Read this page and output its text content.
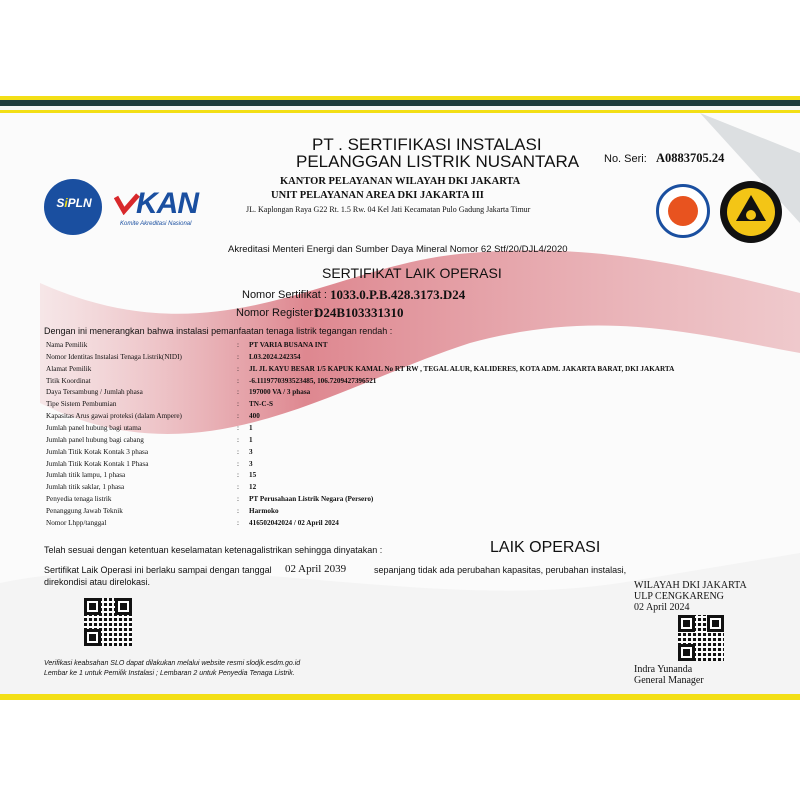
PT . SERTIFIKASI INSTALASI
PELANGGAN LISTRIK NUSANTARA No. Seri: A0883705.24
KANTOR PELAYANAN WILAYAH DKI JAKARTA
UNIT PELAYANAN AREA DKI JAKARTA III
JL. Kaplongan Raya G22 Rt. 1.5 Rw. 04 Kel Jati Kecamatan Pulo Gadung Jakarta Timur
SiPLN	KAN
Komite Akreditasi Nasional
Akreditasi Menteri Energi dan Sumber Daya Mineral Nomor 62 Stf/20/DJL4/2020
SERTIFIKAT LAIK OPERASI
Nomor Sertifikat : 1033.0.P.B.428.3173.D24
Nomor Register :
D24B103331310
Dengan ini menerangkan bahwa instalasi pemanfaatan tenaga listrik tegangan rendah :
Nama Pemilik	: PT VARIA BUSANA INT
Nomor Identitas Instalasi Tenaga Listrik(NIDI)	: L03.2024.242354
Alamat Pemilik	: JL JL KAYU BESAR 1/5 KAPUK KAMAL No RT RW , TEGAL ALUR, KALIDERES, KOTA ADM. JAKARTA BARAT, DKI JAKARTA
Titik Koordinat	: -6.1119770393523485, 106.7209427396521
Daya Tersambung / Jumlah phasa	: 197000 VA / 3 phasa
Tipe Sistem Pembumian	: TN-C-S
Kapasitas Arus gawai proteksi (dalam Ampere)	: 400
Jumlah panel hubung bagi utama	: 1
Jumlah panel hubung bagi cabang	: 1
Jumlah Titik Kotak Kontak 3 phasa	: 3
Jumlah Titik Kotak Kontak 1 Phasa	: 3
Jumlah titik lampu, 1 phasa	: 15
Jumlah titik saklar, 1 phasa	: 12
Penyedia tenaga listrik	: PT Perusahaan Listrik Negara (Persero)
Penanggung Jawab Teknik	: Harmoko
Nomor Lhpp/tanggal	: 416502042024 / 02 April 2024
Telah sesuai dengan ketentuan keselamatan ketenagalistrikan sehingga dinyatakan :	LAIK OPERASI
Sertifikat Laik Operasi ini berlaku sampai dengan tanggal 02 April 2039	sepanjang tidak ada perubahan kapasitas, perubahan instalasi,
direkondisi atau direlokasi.	WILAYAH DKI JAKARTA
ULP CENGKARENG
02 April 2024
Indra Yunanda
General Manager
Verifikasi keabsahan SLO dapat dilakukan melalui website resmi slodjk.esdm.go.id
Lembar ke 1 untuk Pemilik Instalasi ; Lembaran 2 untuk Penyedia Tenaga Listrik.
